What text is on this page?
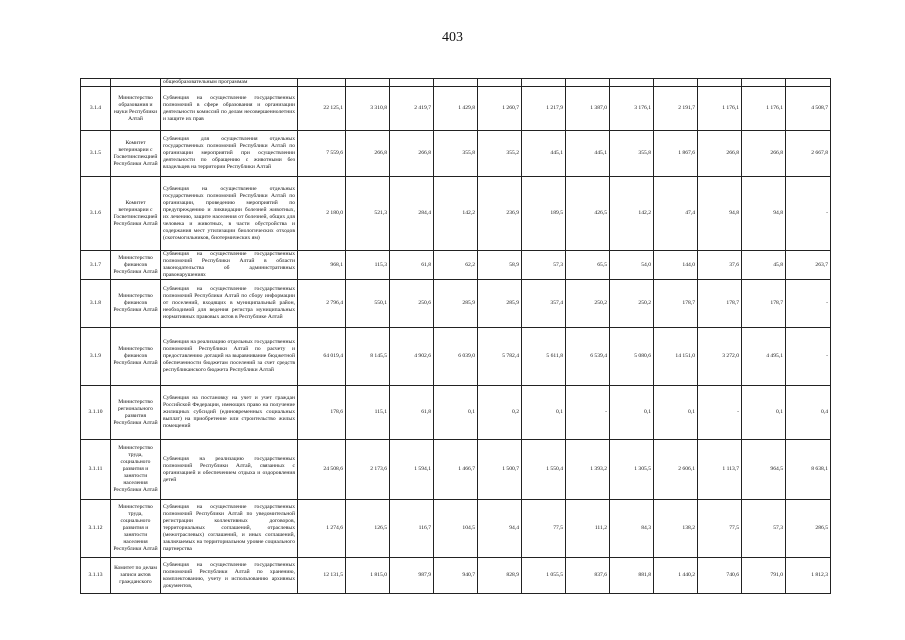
403
		общеобразовательным программам												
3.1.4	Министерство образования и науки Республики Алтай	Субвенция на осуществление государственных полномочий в сфере образования и организации деятельности комиссий по делам несовершеннолетних и защите их прав	22 125,1	3 310,8	2 419,7	1 429,8	1 260,7	1 217,9	1 387,0	3 176,1	2 191,7	1 176,1	1 176,1	4 508,7
3.1.5	Комитет ветеринарии с Госветинспекцией Республики Алтай	Субвенция для осуществления отдельных государственных полномочий Республики Алтай по организации мероприятий при осуществлении деятельности по обращению с животными без владельцев на территории Республики Алтай	7 559,6	266,8	266,8	355,8	355,2	445,1	445,1	355,8	1 867,6	266,8	266,8	2 667,8
3.1.6	Комитет ветеринарии с Госветинспекцией Республики Алтай	Субвенция на осуществление отдельных государственных полномочий Республики Алтай по организации, проведению мероприятий по предупреждению и ликвидации болезней животных, их лечению, защите населения от болезней, общих для человека и животных, в части обустройства и содержания мест утилизации биологических отходов (скотомогильников, биотермических ям)	2 180,0	521,3	284,4	142,2	236,9	189,5	426,5	142,2	47,4	94,8	94,8	-
3.1.7	Министерство финансов Республики Алтай	Субвенция на осуществление государственных полномочий Республики Алтай в области законодательства об административных правонарушениях	968,1	115,3	61,8	62,2	58,9	57,3	65,5	54,0	144,0	37,6	45,8	263,7
3.1.8	Министерство финансов Республики Алтай	Субвенция на осуществление государственных полномочий Республики Алтай по сбору информации от поселений, входящих в муниципальный район, необходимой для ведения регистра муниципальных нормативных правовых актов в Республике Алтай	2 796,4	550,1	250,6	285,9	285,9	357,4	250,2	250,2	178,7	178,7	178,7	-
3.1.9	Министерство финансов Республики Алтай	Субвенция на реализацию отдельных государственных полномочий Республики Алтай по расчету и предоставлению дотаций на выравнивание бюджетной обеспеченности бюджетам поселений за счет средств республиканского бюджета Республики Алтай	64 019,4	8 145,5	4 902,6	6 039,0	5 782,4	5 611,8	6 539,4	5 080,6	14 151,0	3 272,0	4 495,1	-
3.1.10	Министерство регионального развития Республики Алтай	Субвенция на постановку на учет и учет граждан Российской Федерации, имеющих право на получение жилищных субсидий (единовременных социальных выплат) на приобретение или строительство жилых помещений	178,6	115,1	61,8	0,1	0,2	0,1	-	0,1	0,1	-	0,1	0,4
3.1.11	Министерство труда, социального развития и занятости населения Республики Алтай	Субвенция на реализацию государственных полномочий Республики Алтай, связанных с организацией и обеспечением отдыха и оздоровления детей	24 508,6	2 173,6	1 594,1	1 466,7	1 500,7	1 550,4	1 393,2	1 305,5	2 606,1	1 113,7	964,5	8 638,1
3.1.12	Министерство труда, социального развития и занятости населения Республики Алтай	Субвенция на осуществление государственных полномочий Республики Алтай по уведомительной регистрации коллективных договоров, территориальных соглашений, отраслевых (межотраслевых) соглашений, и иных соглашений, заключаемых на территориальном уровне социального партнерства	1 274,6	126,5	116,7	104,5	94,4	77,5	111,2	84,3	138,2	77,5	57,3	286,5
3.1.13	Комитет по делам записи актов гражданского	Субвенция на осуществление государственных полномочий Республики Алтай по хранению, комплектованию, учету и использованию архивных документов,	12 131,5	1 815,0	987,9	940,7	828,9	1 055,5	837,6	881,8	1 440,2	740,6	791,0	1 812,3
